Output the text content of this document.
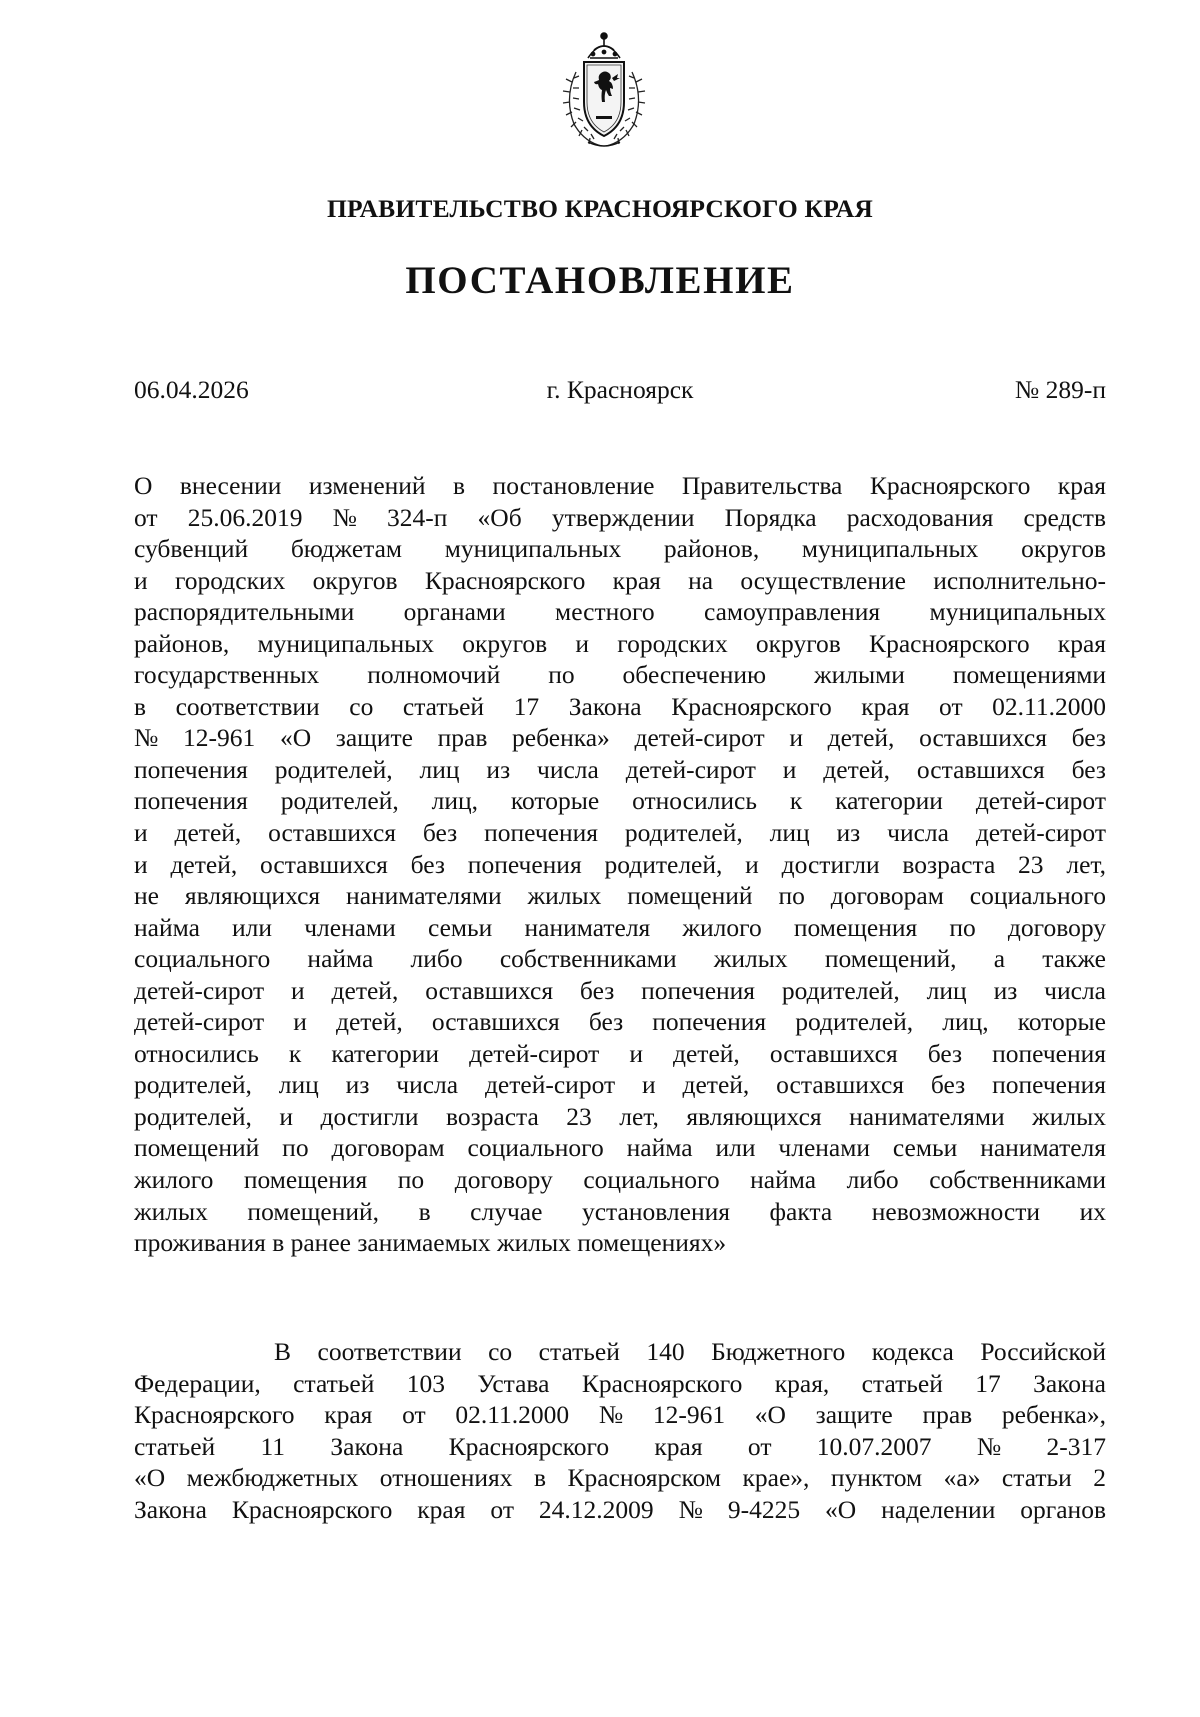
ПРАВИТЕЛЬСТВО КРАСНОЯРСКОГО КРАЯ
ПОСТАНОВЛЕНИЕ
06.04.2026	г. Красноярск	№ 289-п
О внесении изменений в постановление Правительства Красноярского края
от 25.06.2019 № 324-п «Об утверждении Порядка расходования средств
субвенций бюджетам муниципальных районов, муниципальных округов
и городских округов Красноярского края на осуществление исполнительно-
распорядительными органами местного самоуправления муниципальных
районов, муниципальных округов и городских округов Красноярского края
государственных полномочий по обеспечению жилыми помещениями
в соответствии со статьей 17 Закона Красноярского края от 02.11.2000
№ 12-961 «О защите прав ребенка» детей-сирот и детей, оставшихся без
попечения родителей, лиц из числа детей-сирот и детей, оставшихся без
попечения родителей, лиц, которые относились к категории детей-сирот
и детей, оставшихся без попечения родителей, лиц из числа детей-сирот
и детей, оставшихся без попечения родителей, и достигли возраста 23 лет,
не являющихся нанимателями жилых помещений по договорам социального
найма или членами семьи нанимателя жилого помещения по договору
социального найма либо собственниками жилых помещений, а также
детей-сирот и детей, оставшихся без попечения родителей, лиц из числа
детей-сирот и детей, оставшихся без попечения родителей, лиц, которые
относились к категории детей-сирот и детей, оставшихся без попечения
родителей, лиц из числа детей-сирот и детей, оставшихся без попечения
родителей, и достигли возраста 23 лет, являющихся нанимателями жилых
помещений по договорам социального найма или членами семьи нанимателя
жилого помещения по договору социального найма либо собственниками
жилых помещений, в случае установления факта невозможности их
проживания в ранее занимаемых жилых помещениях»
В соответствии со статьей 140 Бюджетного кодекса Российской
Федерации, статьей 103 Устава Красноярского края, статьей 17 Закона
Красноярского края от 02.11.2000 № 12-961 «О защите прав ребенка»,
статьей 11 Закона Красноярского края от 10.07.2007 № 2-317
«О межбюджетных отношениях в Красноярском крае», пунктом «а» статьи 2
Закона Красноярского края от 24.12.2009 № 9-4225 «О наделении органов
